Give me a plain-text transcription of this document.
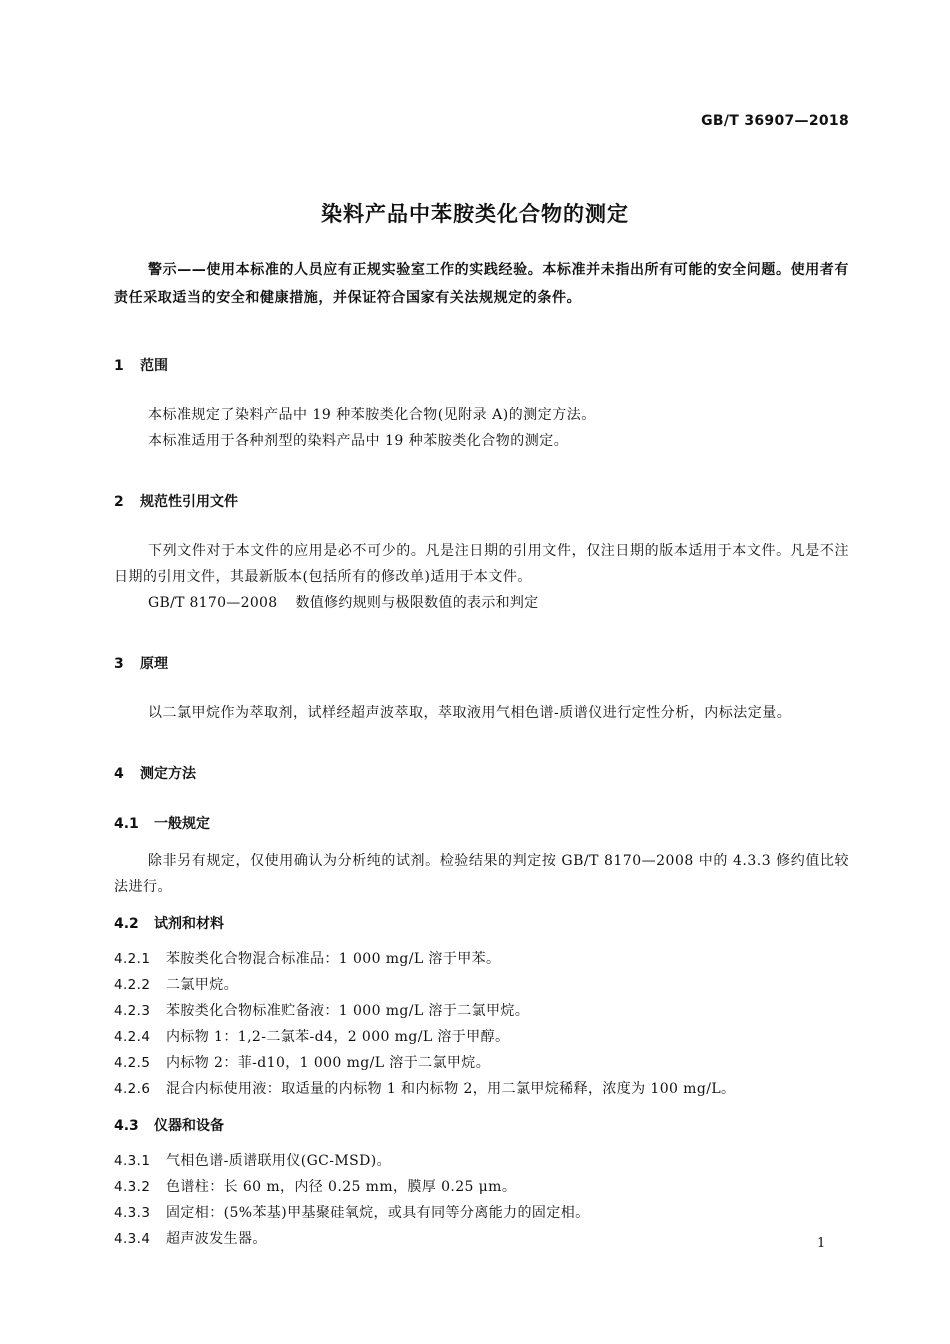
GB/T 36907—2018
染料产品中苯胺类化合物的测定

警示——使用本标准的人员应有正规实验室工作的实践经验。本标准并未指出所有可能的安全问题。使用者有责任采取适当的安全和健康措施，并保证符合国家有关法规规定的条件。

1	范围

本标准规定了染料产品中 19 种苯胺类化合物(见附录 A)的测定方法。

本标准适用于各种剂型的染料产品中 19 种苯胺类化合物的测定。

2	规范性引用文件

下列文件对于本文件的应用是必不可少的。凡是注日期的引用文件，仅注日期的版本适用于本文件。凡是不注日期的引用文件，其最新版本(包括所有的修改单)适用于本文件。

GB/T 8170—2008 数值修约规则与极限数值的表示和判定

3	原理

以二氯甲烷作为萃取剂，试样经超声波萃取，萃取液用气相色谱-质谱仪进行定性分析，内标法定量。

4	测定方法
4.1	一般规定

除非另有规定，仅使用确认为分析纯的试剂。检验结果的判定按 GB/T 8170—2008 中的 4.3.3 修约值比较法进行。

4.2	试剂和材料

4.2.1	苯胺类化合物混合标准品：1 000 mg/L 溶于甲苯。

4.2.2	二氯甲烷。

4.2.3	苯胺类化合物标准贮备液：1 000 mg/L 溶于二氯甲烷。

4.2.4	内标物 1：1,2-二氯苯-d4，2 000 mg/L 溶于甲醇。

4.2.5	内标物 2：菲-d10，1 000 mg/L 溶于二氯甲烷。

4.2.6	混合内标使用液：取适量的内标物 1 和内标物 2，用二氯甲烷稀释，浓度为 100 mg/L。

4.3	仪器和设备

4.3.1	气相色谱-质谱联用仪(GC-MSD)。

4.3.2	色谱柱：长 60 m，内径 0.25 mm，膜厚 0.25 μm。

4.3.3	固定相：(5%苯基)甲基聚硅氧烷，或具有同等分离能力的固定相。

4.3.4	超声波发生器。	1
